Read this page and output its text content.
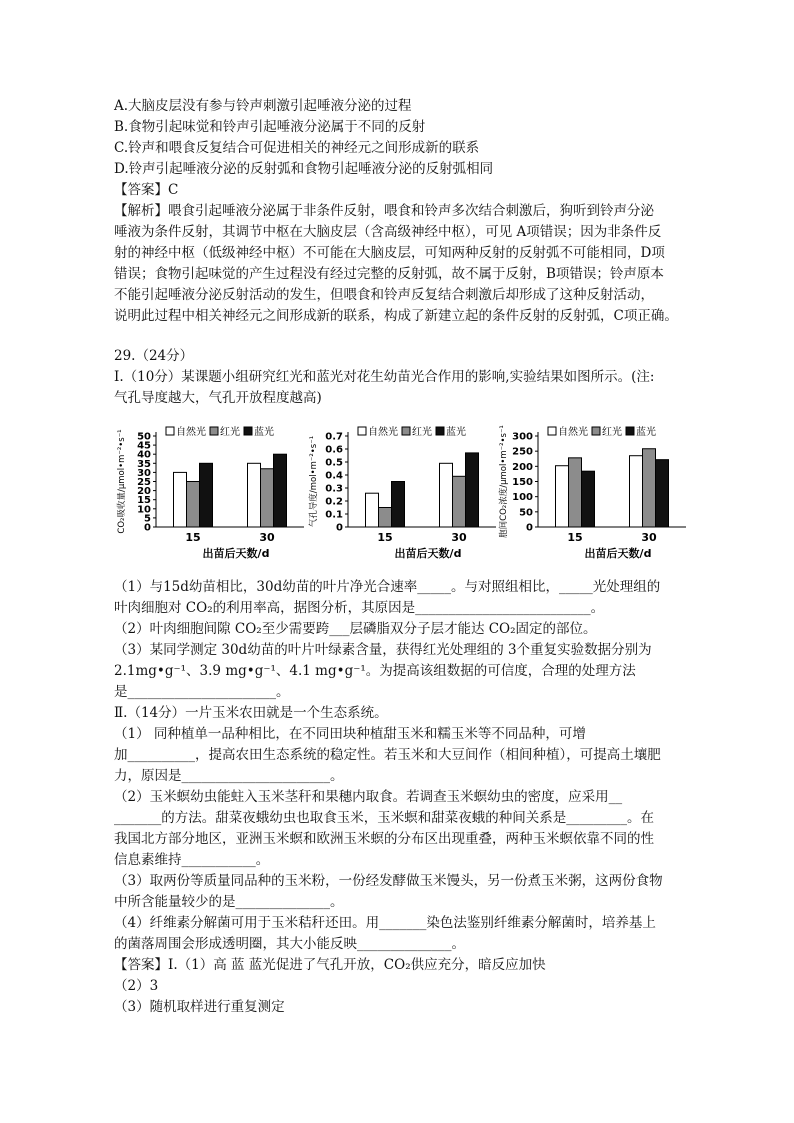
A.大脑皮层没有参与铃声刺激引起唾液分泌的过程
B.食物引起味觉和铃声引起唾液分泌属于不同的反射
C.铃声和喂食反复结合可促进相关的神经元之间形成新的联系
D.铃声引起唾液分泌的反射弧和食物引起唾液分泌的反射弧相同
【答案】C
【解析】喂食引起唾液分泌属于非条件反射，喂食和铃声多次结合刺激后，狗听到铃声分泌
唾液为条件反射，其调节中枢在大脑皮层（含高级神经中枢），可见 A项错误；因为非条件反
射的神经中枢（低级神经中枢）不可能在大脑皮层，可知两种反射的反射弧不可能相同，D项
错误；食物引起味觉的产生过程没有经过完整的反射弧，故不属于反射，B项错误；铃声原本
不能引起唾液分泌反射活动的发生，但喂食和铃声反复结合刺激后却形成了这种反射活动，
说明此过程中相关神经元之间形成新的联系，构成了新建立起的条件反射的反射弧，C项正确。
29.（24分）
Ⅰ.（10分）某课题小组研究红光和蓝光对花生幼苗光合作用的影响,实验结果如图所示。(注:
气孔导度越大，气孔开放程度越高)
CO₂吸收量/μmol•m⁻²•s⁻¹ 0
5
10
15
20
25
30
35
40
45
50
15	30
出苗后天数/d
自然光 红光 蓝光
气孔导度/mol•m⁻²•s⁻¹
0
0.1
0.2
0.3
0.4
0.5
0.6
0.7
15	30
出苗后天数/d
自然光 红光 蓝光	胞间CO₂浓度/μmol•m⁻²•s⁻¹ 0
50
100
150
200
250
300
15	30
出苗后天数/d
自然光 红光 蓝光
（1）与15d幼苗相比，30d幼苗的叶片净光合速率_____。与对照组相比，_____光处理组的
叶肉细胞对 CO₂的利用率高，据图分析，其原因是__________________________。
（2）叶肉细胞间隙 CO₂至少需要跨___层磷脂双分子层才能达 CO₂固定的部位。
（3）某同学测定 30d幼苗的叶片叶绿素含量，获得红光处理组的 3个重复实验数据分别为
2.1mg•g⁻¹、3.9 mg•g⁻¹、4.1 mg•g⁻¹。为提高该组数据的可信度，合理的处理方法
是______________________。
Ⅱ.（14分）一片玉米农田就是一个生态系统。
（1） 同种植单一品种相比，在不同田块种植甜玉米和糯玉米等不同品种，可增
加__________，提高农田生态系统的稳定性。若玉米和大豆间作（相间种植），可提高土壤肥
力，原因是______________________。
（2）玉米螟幼虫能蛀入玉米茎秆和果穗内取食。若调查玉米螟幼虫的密度，应采用__
_______的方法。甜菜夜蛾幼虫也取食玉米，玉米螟和甜菜夜蛾的种间关系是_________。在
我国北方部分地区，亚洲玉米螟和欧洲玉米螟的分布区出现重叠，两种玉米螟依靠不同的性
信息素维持___________。
（3）取两份等质量同品种的玉米粉，一份经发酵做玉米馒头，另一份煮玉米粥，这两份食物
中所含能量较少的是______________。
（4）纤维素分解菌可用于玉米秸秆还田。用_______染色法鉴别纤维素分解菌时，培养基上
的菌落周围会形成透明圈，其大小能反映______________。
【答案】Ⅰ.（1）高 蓝 蓝光促进了气孔开放，CO₂供应充分，暗反应加快
（2）3
（3）随机取样进行重复测定
